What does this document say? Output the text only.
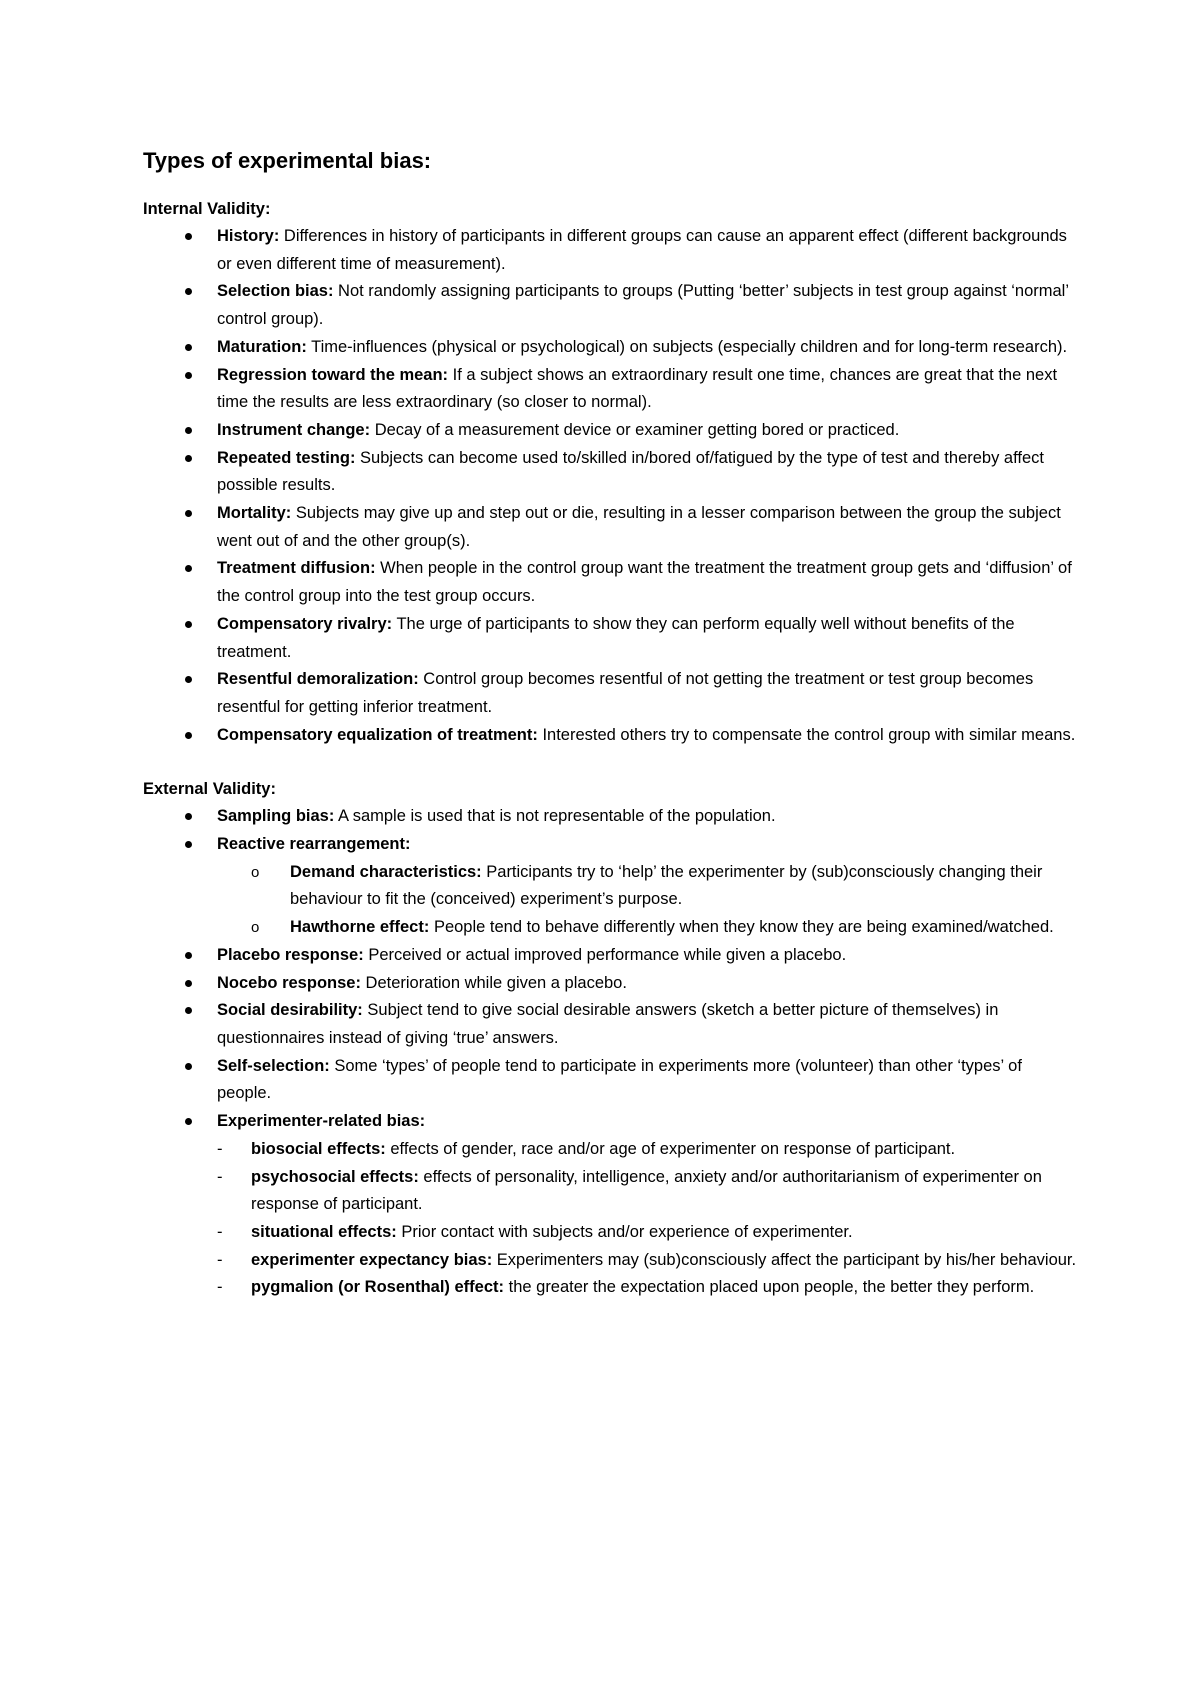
Types of experimental bias:
Internal Validity:
History: Differences in history of participants in different groups can cause an apparent effect (different backgrounds or even different time of measurement).
Selection bias: Not randomly assigning participants to groups (Putting ‘better’ subjects in test group against ‘normal’ control group).
Maturation: Time-influences (physical or psychological) on subjects (especially children and for long-term research).
Regression toward the mean: If a subject shows an extraordinary result one time, chances are great that the next time the results are less extraordinary (so closer to normal).
Instrument change: Decay of a measurement device or examiner getting bored or practiced.
Repeated testing: Subjects can become used to/skilled in/bored of/fatigued by the type of test and thereby affect possible results.
Mortality: Subjects may give up and step out or die, resulting in a lesser comparison between the group the subject went out of and the other group(s).
Treatment diffusion: When people in the control group want the treatment the treatment group gets and ‘diffusion’ of the control group into the test group occurs.
Compensatory rivalry: The urge of participants to show they can perform equally well without benefits of the treatment.
Resentful demoralization: Control group becomes resentful of not getting the treatment or test group becomes resentful for getting inferior treatment.
Compensatory equalization of treatment: Interested others try to compensate the control group with similar means.
External Validity:
Sampling bias: A sample is used that is not representable of the population.
Reactive rearrangement:
o Demand characteristics: Participants try to ‘help’ the experimenter by (sub)consciously changing their behaviour to fit the (conceived) experiment’s purpose.
o Hawthorne effect: People tend to behave differently when they know they are being examined/watched.
Placebo response: Perceived or actual improved performance while given a placebo.
Nocebo response: Deterioration while given a placebo.
Social desirability: Subject tend to give social desirable answers (sketch a better picture of themselves) in questionnaires instead of giving ‘true’ answers.
Self-selection: Some ‘types’ of people tend to participate in experiments more (volunteer) than other ‘types’ of people.
Experimenter-related bias:
- biosocial effects: effects of gender, race and/or age of experimenter on response of participant.
- psychosocial effects: effects of personality, intelligence, anxiety and/or authoritarianism of experimenter on response of participant.
- situational effects: Prior contact with subjects and/or experience of experimenter.
- experimenter expectancy bias: Experimenters may (sub)consciously affect the participant by his/her behaviour.
- pygmalion (or Rosenthal) effect: the greater the expectation placed upon people, the better they perform.
